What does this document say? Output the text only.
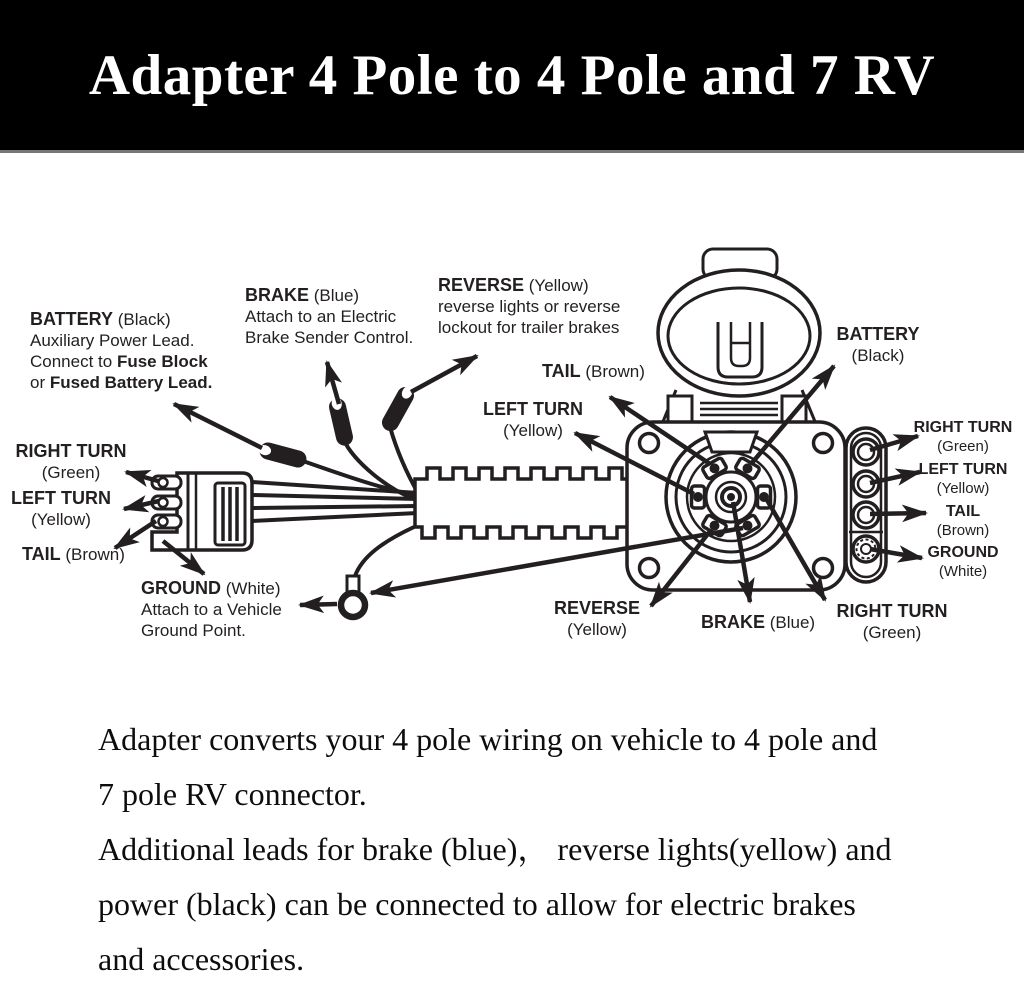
Adapter 4 Pole to 4 Pole and 7 RV
BATTERY (Black)
Auxiliary Power Lead.
Connect to Fuse Block
or Fused Battery Lead.
BRAKE (Blue)
Attach to an Electric
Brake Sender Control.
REVERSE (Yellow)
reverse lights or reverse
lockout for trailer brakes
TAIL (Brown)
LEFT TURN
(Yellow)
BATTERY
(Black)
RIGHT TURN
(Green)
LEFT TURN
(Yellow)
TAIL (Brown)
GROUND (White)
Attach to a Vehicle
Ground Point.
REVERSE
(Yellow)	BRAKE (Blue)
RIGHT TURN
(Green)
RIGHT TURN
(Green)
LEFT TURN
(Yellow)
TAIL
(Brown)
GROUND
(White)
Adapter converts your 4 pole wiring on vehicle to 4 pole and
7 pole RV connector.
Additional leads for brake (blue)， reverse lights(yellow) and
power (black) can be connected to allow for electric brakes
and accessories.
